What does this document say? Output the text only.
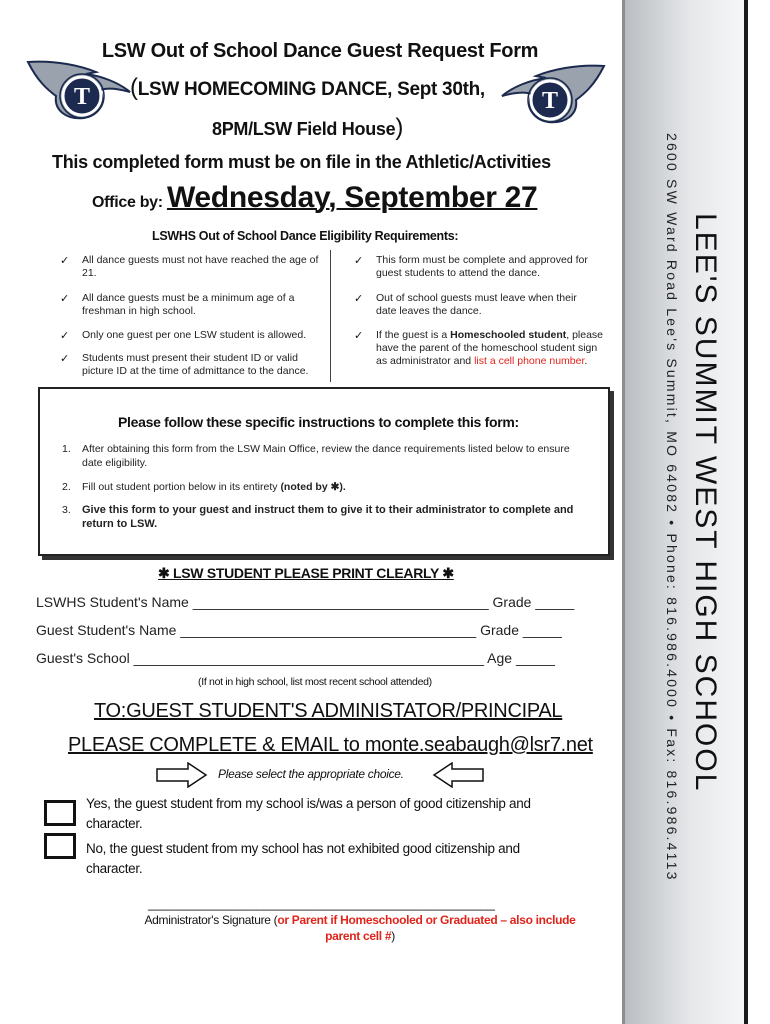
LEE'S SUMMIT WEST HIGH SCHOOL
2600 SW Ward Road Lee's Summit, MO 64082 • Phone: 816.986.4000 • Fax: 816.986.4113
T	T
LSW Out of School Dance Guest Request Form
(LSW HOMECOMING DANCE, Sept 30th,
8PM/LSW Field House)
This completed form must be on file in the Athletic/Activities
Office by: Wednesday, September 27
LSWHS Out of School Dance Eligibility Requirements:
✓ All dance guests must not have reached the age of 21.
✓ All dance guests must be a minimum age of a freshman in high school.
✓ Only one guest per one LSW student is allowed.
✓ Students must present their student ID or valid picture ID at the time of admittance to the dance.
✓ This form must be complete and approved for guest students to attend the dance.
✓ Out of school guests must leave when their date leaves the dance.
✓ If the guest is a Homeschooled student, please have the parent of the homeschool student sign as administrator and list a cell phone number.
Please follow these specific instructions to complete this form:
1. After obtaining this form from the LSW Main Office, review the dance requirements listed below to ensure date eligibility.
2. Fill out student portion below in its entirety (noted by ✱).
3. Give this form to your guest and instruct them to give it to their administrator to complete and return to LSW.
✱ LSW STUDENT PLEASE PRINT CLEARLY ✱
LSWHS Student's Name ______________________________________ Grade _____
Guest Student's Name ______________________________________ Grade _____
Guest's School _____________________________________________ Age _____
(If not in high school, list most recent school attended)
TO:GUEST STUDENT'S ADMINISTATOR/PRINCIPAL
PLEASE COMPLETE & EMAIL to monte.seabaugh@lsr7.net
Please select the appropriate choice.
Yes, the guest student from my school is/was a person of good citizenship and character.
No, the guest student from my school has not exhibited good citizenship and character.
________________________________________________
Administrator's Signature (or Parent if Homeschooled or Graduated – also include parent cell #)
